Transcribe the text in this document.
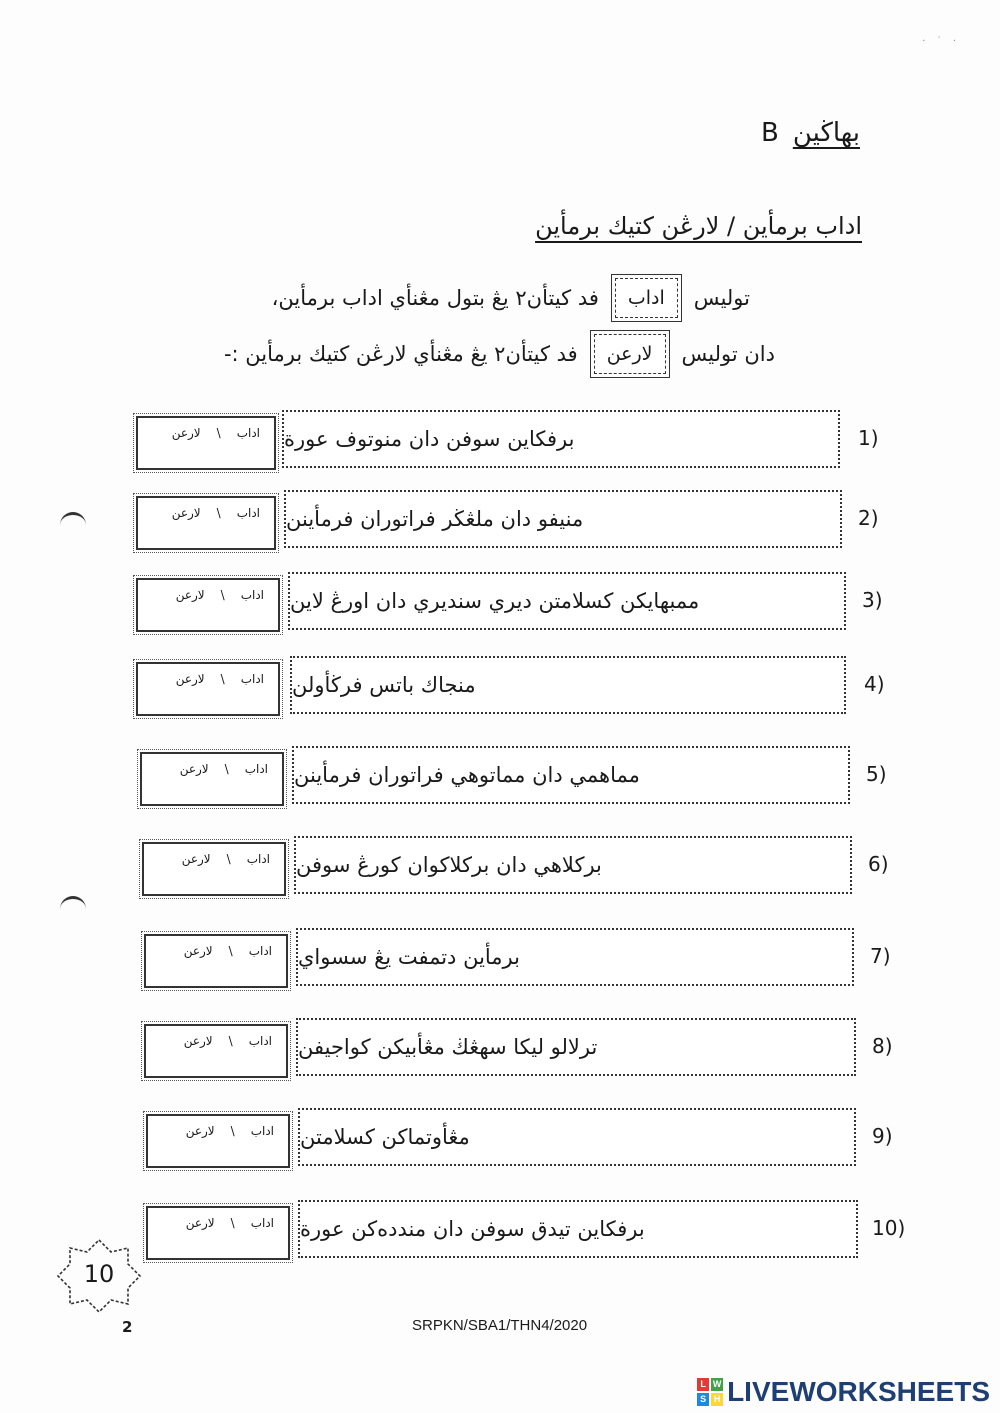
· ˙ ·
بهاڬينB
اداب برمأين / لارڠن كتيك برمأين
توليس
اداب
فد كيتأن٢ يڠ بتول مڠنأي اداب برمأين،
دان توليس
لارعن
فد كيتأن٢ يڠ مڠنأي لارڠن كتيك برمأين :-
1)
برفكاين سوفن دان منوتوف عورة
اداب
\
لارعن
2)
منيفو دان ملڠڬر فراتوران فرمأينن
اداب
\
لارعن
3)
ممبهايكن كسلامتن ديري سنديري دان اورڠ لاين
اداب
\
لارعن
4)
منجاك باتس فرڬأولن
اداب
\
لارعن
5)
مماهمي دان مماتوهي فراتوران فرمأينن
اداب
\
لارعن
6)
بركلاهي دان بركلاكوان كورڠ سوفن
اداب
\
لارعن
7)
برمأين دتمفت يڠ سسواي
اداب
\
لارعن
8)
ترلالو ليكا سهڠڬ مڠأبيكن كواجيفن
اداب
\
لارعن
9)
مڠأوتماكن كسلامتن
اداب
\
لارعن
10)
برفكاين تيدق سوفن دان مندده‌كن عورة
اداب
\
لارعن
10
2	SRPKN/SBA1/THN4/2020
L W
S H LIVEWORKSHEETS
